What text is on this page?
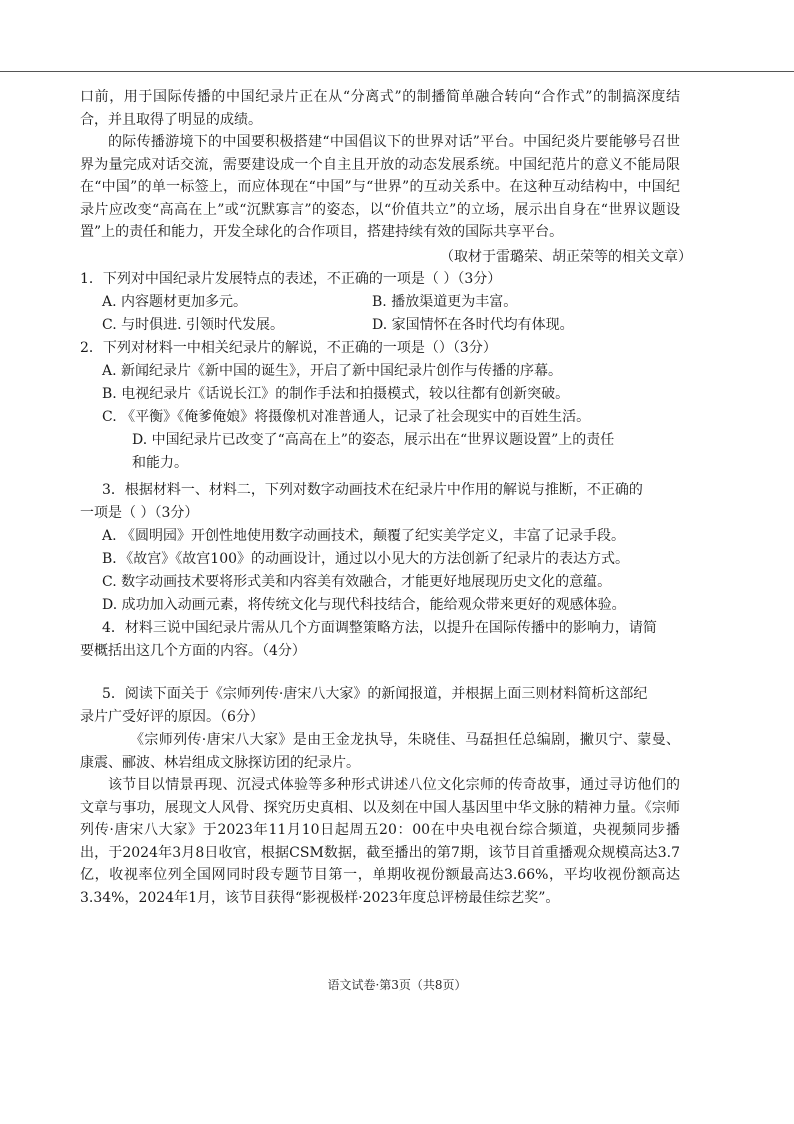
口前，用于国际传播的中国纪录片正在从“分离式”的制播简单融合转向“合作式”的制搞深度结合，并且取得了明显的成绩。

的际传播游境下的中国要积极搭建“中国倡议下的世界对话”平台。中国纪炎片要能够号召世界为量完成对话交流，需要建设成一个自主且开放的动态发展系统。中国纪范片的意义不能局限在“中国”的单一标签上，而应体现在“中国”与“世界”的互动关系中。在这种互动结构中，中国纪录片应改变“高高在上”或“沉默寡言”的姿态，以“价值共立”的立场，展示出自身在“世界议题设置”上的责任和能力，开发全球化的合作项目，搭建持续有效的国际共享平台。

（取材于雷璐荣、胡正荣等的相关文章）

1．下列对中国纪录片发展特点的表述，不正确的一项是（ ）（3分）

A. 内容题材更加多元。	B. 播放渠道更为丰富。
C. 与时俱进. 引领时代发展。	D. 家国情怀在各时代均有体现。

2．下列对材料一中相关纪录片的解说，不正确的一项是（）（3分）

A. 新闻纪录片《新中国的诞生》，开启了新中国纪录片创作与传播的序幕。
B. 电视纪录片《话说长江》的制作手法和拍摄模式，较以往都有创新突破。
C. 《平衡》《俺爹俺娘》将摄像机对准普通人，记录了社会现实中的百姓生活。
D. 中国纪录片已改变了“高高在上”的姿态，展示出在“世界议题设置”上的责任
和能力。

3．根据材料一、材料二，下列对数字动画技术在纪录片中作用的解说与推断，不正确的

一项是（ ）（3分）

A. 《圆明园》开创性地使用数字动画技术，颠覆了纪实美学定义，丰富了记录手段。
B．《故宫》《故宫100》的动画设计，通过以小见大的方法创新了纪录片的表达方式。
C. 数字动画技术要将形式美和内容美有效融合，才能更好地展现历史文化的意蕴。
D. 成功加入动画元素，将传统文化与现代科技结合，能给观众带来更好的观感体验。

4．材料三说中国纪录片需从几个方面调整策略方法，以提升在国际传播中的影响力，请简

要概括出这几个方面的内容。（4分）

5．阅读下面关于《宗师列传·唐宋八大家》的新闻报道，并根据上面三则材料简析这部纪

录片广受好评的原因。（6分）

《宗师列传·唐宋八大家》是由王金龙执导，朱晓佳、马磊担任总编剧，撇贝宁、蒙曼、康震、郦波、林岩组成文脉探访团的纪录片。

该节目以情景再现、沉浸式体验等多种形式讲述八位文化宗师的传奇故事，通过寻访他们的文章与事功，展现文人风骨、探究历史真相、以及刻在中国人基因里中华文脉的精神力量。《宗师列传·唐宋八大家》于2023年11月10日起周五20：00在中央电视台综合频道，央视频同步播出，于2024年3月8日收官，根据CSM数据，截至播出的第7期，该节目首重播观众规模高达3.7亿，收视率位列全国网同时段专题节目第一，单期收视份额最高达3.66%，平均收视份额高达3.34%，2024年1月，该节目获得“影视极样·2023年度总评榜最佳综艺奖”。

语文试卷·第3页（共8页）
